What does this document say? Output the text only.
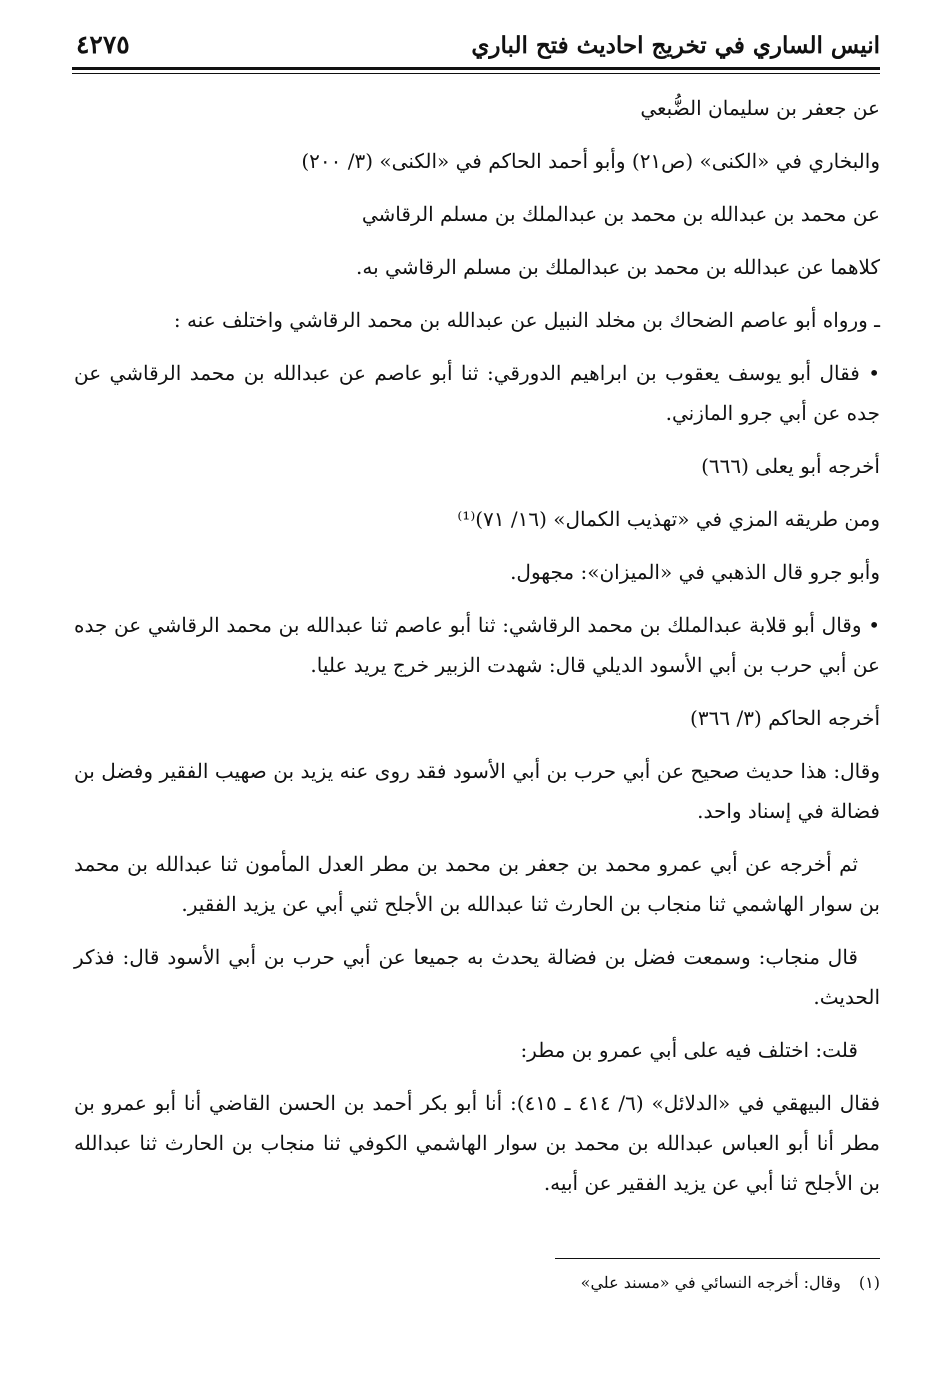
انيس الساري في تخريج احاديث فتح الباري
٤٢٧٥

عن جعفر بن سليمان الضُّبعي

والبخاري في «الكنى» (ص٢١) وأبو أحمد الحاكم في «الكنى» (٣/ ٢٠٠)

عن محمد بن عبدالله بن محمد بن عبدالملك بن مسلم الرقاشي

كلاهما عن عبدالله بن محمد بن عبدالملك بن مسلم الرقاشي به.

ـ ورواه أبو عاصم الضحاك بن مخلد النبيل عن عبدالله بن محمد الرقاشي واختلف عنه :

• فقال أبو يوسف يعقوب بن ابراهيم الدورقي: ثنا أبو عاصم عن عبدالله بن محمد الرقاشي عن جده عن أبي جرو المازني.

أخرجه أبو يعلى (٦٦٦)

ومن طريقه المزي في «تهذيب الكمال» (١٦/ ٧١)⁽¹⁾

وأبو جرو قال الذهبي في «الميزان»: مجهول.

• وقال أبو قلابة عبدالملك بن محمد الرقاشي: ثنا أبو عاصم ثنا عبدالله بن محمد الرقاشي عن جده عن أبي حرب بن أبي الأسود الديلي قال: شهدت الزبير خرج يريد عليا.

أخرجه الحاكم (٣/ ٣٦٦)

وقال: هذا حديث صحيح عن أبي حرب بن أبي الأسود فقد روى عنه يزيد بن صهيب الفقير وفضل بن فضالة في إسناد واحد.

ثم أخرجه عن أبي عمرو محمد بن جعفر بن محمد بن مطر العدل المأمون ثنا عبدالله بن محمد بن سوار الهاشمي ثنا منجاب بن الحارث ثنا عبدالله بن الأجلح ثني أبي عن يزيد الفقير.

قال منجاب: وسمعت فضل بن فضالة يحدث به جميعا عن أبي حرب بن أبي الأسود قال: فذكر الحديث.

قلت: اختلف فيه على أبي عمرو بن مطر:

فقال البيهقي في «الدلائل» (٦/ ٤١٤ ـ ٤١٥): أنا أبو بكر أحمد بن الحسن القاضي أنا أبو عمرو بن مطر أنا أبو العباس عبدالله بن محمد بن سوار الهاشمي الكوفي ثنا منجاب بن الحارث ثنا عبدالله بن الأجلح ثنا أبي عن يزيد الفقير عن أبيه.

(١)وقال: أخرجه النسائي في «مسند علي»
